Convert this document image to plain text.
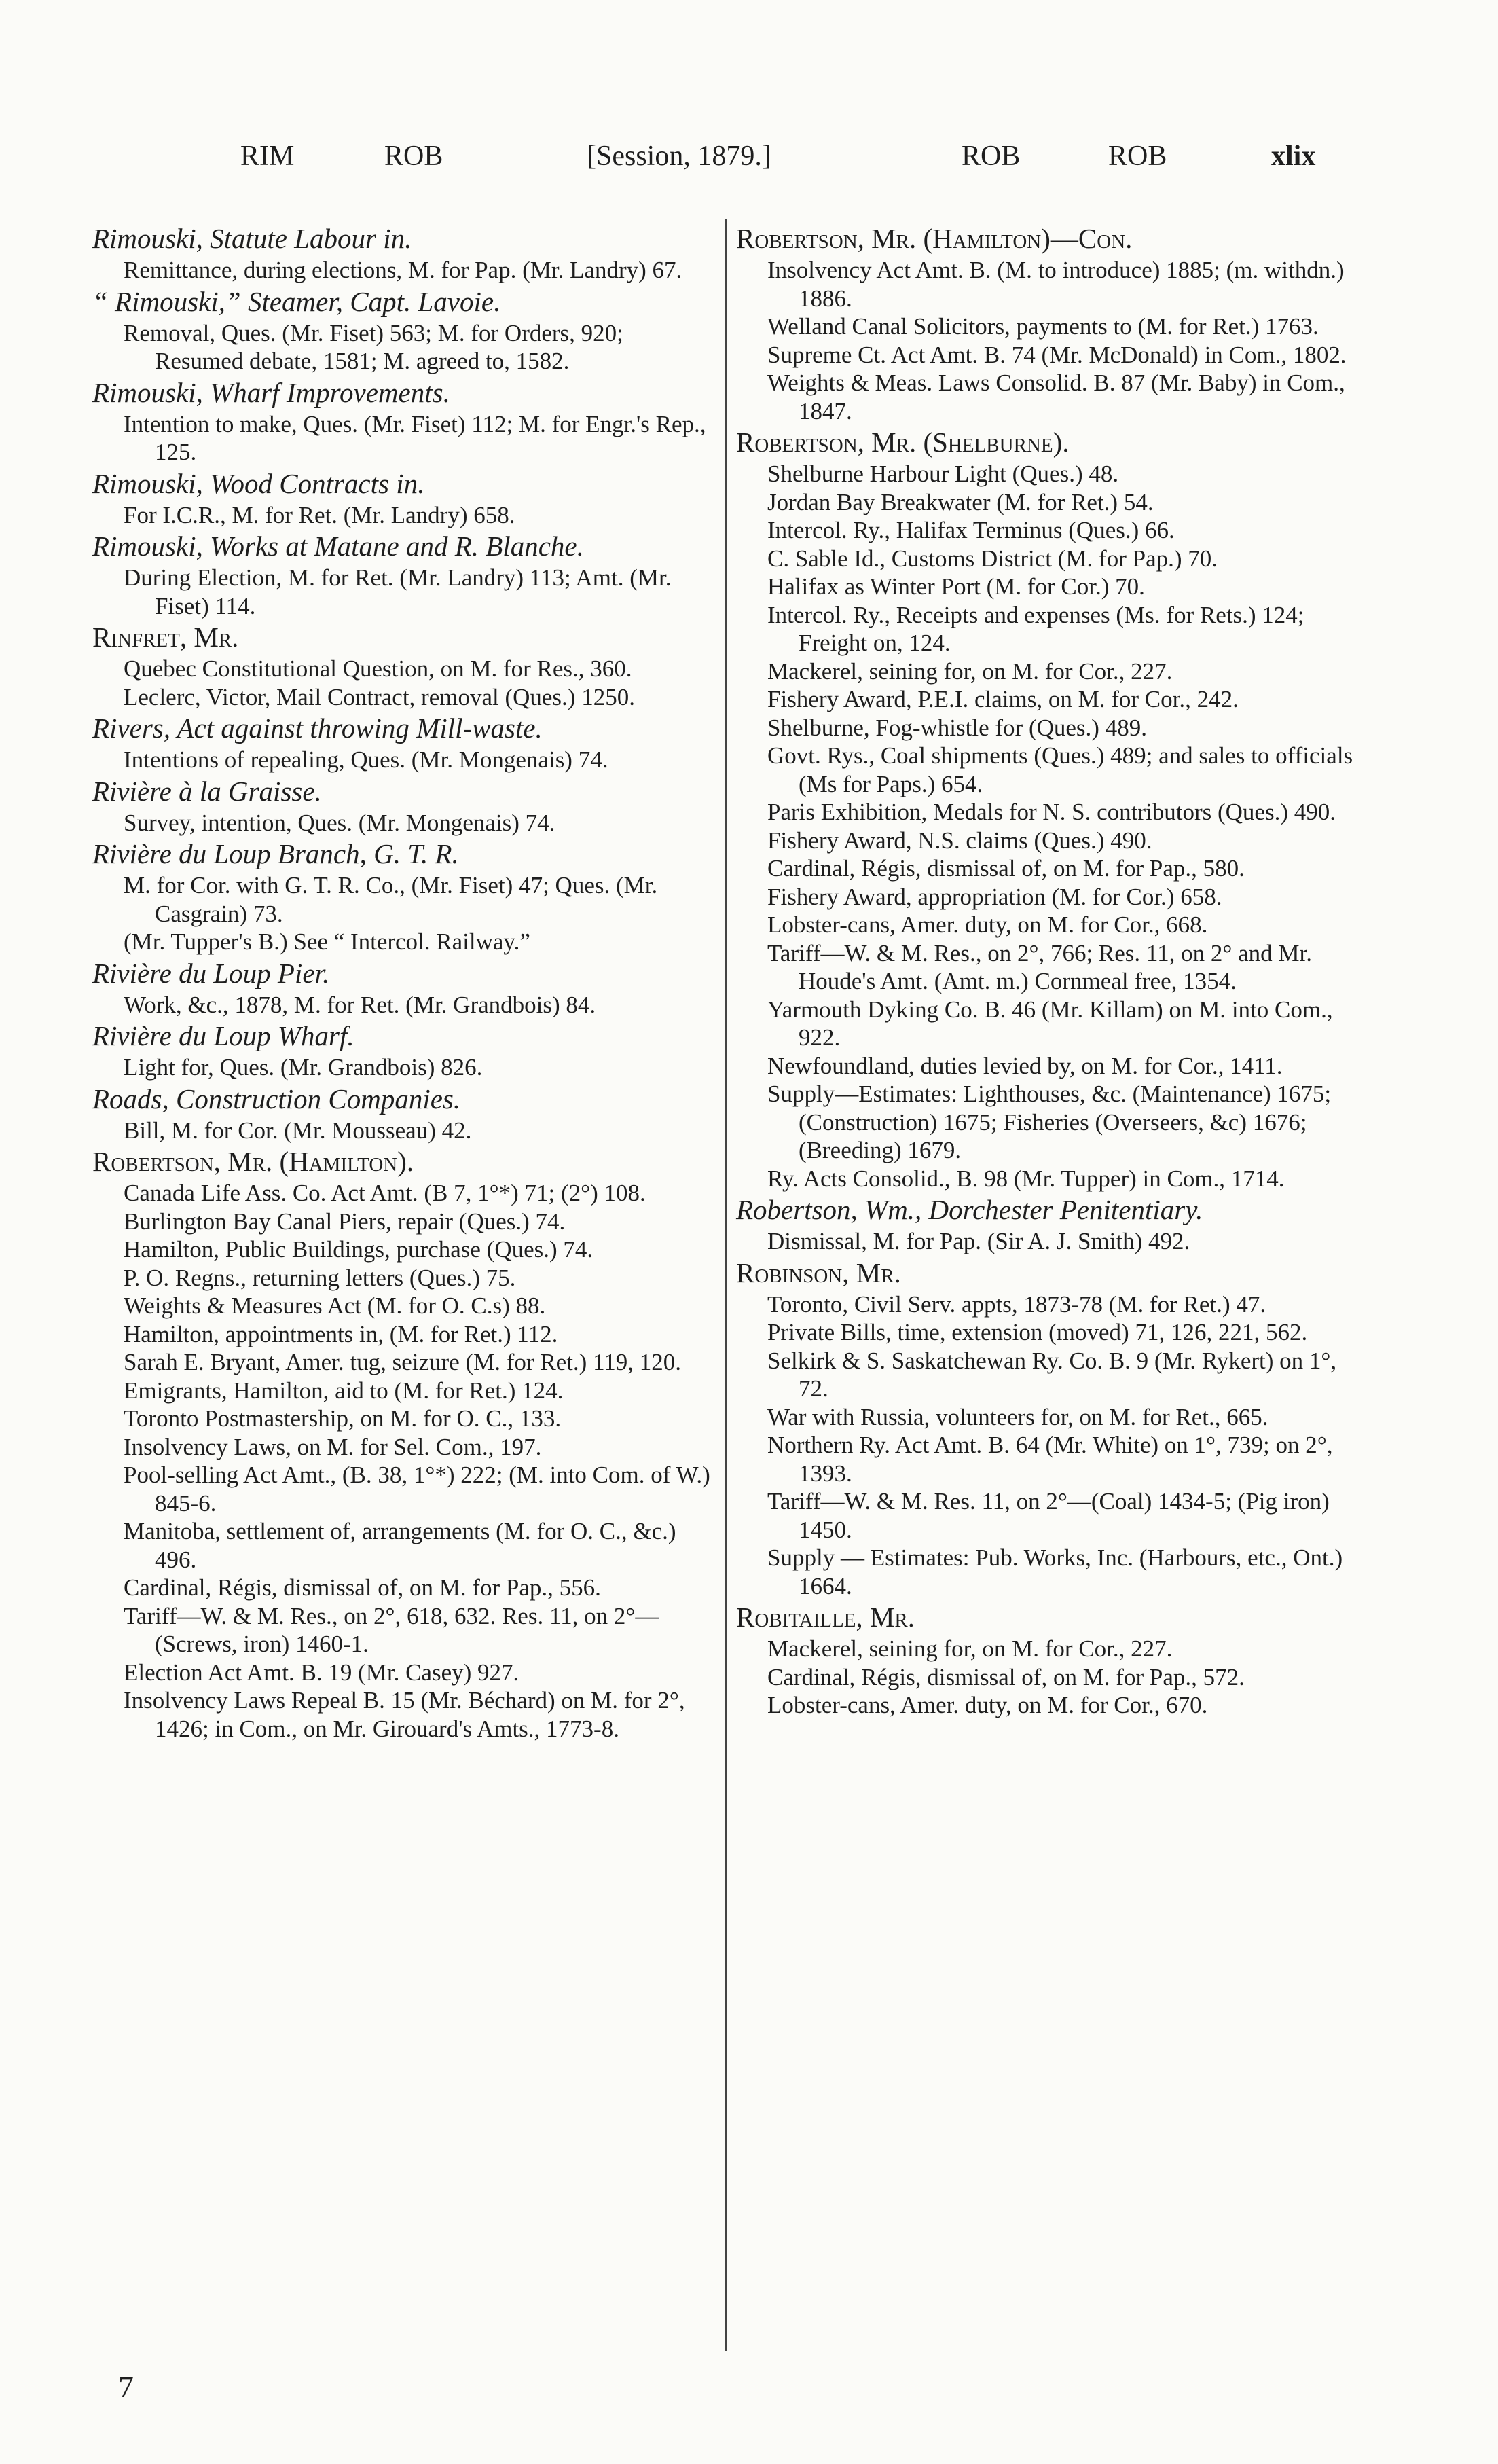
RIM	ROB	[Session, 1879.]	ROB	ROB	xlix

Rimouski, Statute Labour in.

Remittance, during elections, M. for Pap. (Mr. Landry) 67.

“ Rimouski,” Steamer, Capt. Lavoie.

Removal, Ques. (Mr. Fiset) 563; M. for Orders, 920; Resumed debate, 1581; M. agreed to, 1582.

Rimouski, Wharf Improvements.

Intention to make, Ques. (Mr. Fiset) 112; M. for Engr.'s Rep., 125.

Rimouski, Wood Contracts in.

For I.C.R., M. for Ret. (Mr. Landry) 658.

Rimouski, Works at Matane and R. Blanche.

During Election, M. for Ret. (Mr. Landry) 113; Amt. (Mr. Fiset) 114.

Rinfret, Mr.

Quebec Constitutional Question, on M. for Res., 360.

Leclerc, Victor, Mail Contract, removal (Ques.) 1250.

Rivers, Act against throwing Mill-waste.

Intentions of repealing, Ques. (Mr. Mongenais) 74.

Rivière à la Graisse.

Survey, intention, Ques. (Mr. Mongenais) 74.

Rivière du Loup Branch, G. T. R.

M. for Cor. with G. T. R. Co., (Mr. Fiset) 47; Ques. (Mr. Casgrain) 73.

(Mr. Tupper's B.) See “ Intercol. Railway.”

Rivière du Loup Pier.

Work, &c., 1878, M. for Ret. (Mr. Grandbois) 84.

Rivière du Loup Wharf.

Light for, Ques. (Mr. Grandbois) 826.

Roads, Construction Companies.

Bill, M. for Cor. (Mr. Mousseau) 42.

Robertson, Mr. (Hamilton).

Canada Life Ass. Co. Act Amt. (B 7, 1°*) 71; (2°) 108.

Burlington Bay Canal Piers, repair (Ques.) 74.

Hamilton, Public Buildings, purchase (Ques.) 74.

P. O. Regns., returning letters (Ques.) 75.

Weights & Measures Act (M. for O. C.s) 88.

Hamilton, appointments in, (M. for Ret.) 112.

Sarah E. Bryant, Amer. tug, seizure (M. for Ret.) 119, 120.

Emigrants, Hamilton, aid to (M. for Ret.) 124.

Toronto Postmastership, on M. for O. C., 133.

Insolvency Laws, on M. for Sel. Com., 197.

Pool-selling Act Amt., (B. 38, 1°*) 222; (M. into Com. of W.) 845-6.

Manitoba, settlement of, arrangements (M. for O. C., &c.) 496.

Cardinal, Régis, dismissal of, on M. for Pap., 556.

Tariff—W. & M. Res., on 2°, 618, 632. Res. 11, on 2°—(Screws, iron) 1460-1.

Election Act Amt. B. 19 (Mr. Casey) 927.

Insolvency Laws Repeal B. 15 (Mr. Béchard) on M. for 2°, 1426; in Com., on Mr. Girouard's Amts., 1773-8.

Robertson, Mr. (Hamilton)—Con.

Insolvency Act Amt. B. (M. to introduce) 1885; (m. withdn.) 1886.

Welland Canal Solicitors, payments to (M. for Ret.) 1763.

Supreme Ct. Act Amt. B. 74 (Mr. McDonald) in Com., 1802.

Weights & Meas. Laws Consolid. B. 87 (Mr. Baby) in Com., 1847.

Robertson, Mr. (Shelburne).

Shelburne Harbour Light (Ques.) 48.

Jordan Bay Breakwater (M. for Ret.) 54.

Intercol. Ry., Halifax Terminus (Ques.) 66.

C. Sable Id., Customs District (M. for Pap.) 70.

Halifax as Winter Port (M. for Cor.) 70.

Intercol. Ry., Receipts and expenses (Ms. for Rets.) 124; Freight on, 124.

Mackerel, seining for, on M. for Cor., 227.

Fishery Award, P.E.I. claims, on M. for Cor., 242.

Shelburne, Fog-whistle for (Ques.) 489.

Govt. Rys., Coal shipments (Ques.) 489; and sales to officials (Ms for Paps.) 654.

Paris Exhibition, Medals for N. S. contributors (Ques.) 490.

Fishery Award, N.S. claims (Ques.) 490.

Cardinal, Régis, dismissal of, on M. for Pap., 580.

Fishery Award, appropriation (M. for Cor.) 658.

Lobster-cans, Amer. duty, on M. for Cor., 668.

Tariff—W. & M. Res., on 2°, 766; Res. 11, on 2° and Mr. Houde's Amt. (Amt. m.) Cornmeal free, 1354.

Yarmouth Dyking Co. B. 46 (Mr. Killam) on M. into Com., 922.

Newfoundland, duties levied by, on M. for Cor., 1411.

Supply—Estimates: Lighthouses, &c. (Maintenance) 1675; (Construction) 1675; Fisheries (Overseers, &c) 1676; (Breeding) 1679.

Ry. Acts Consolid., B. 98 (Mr. Tupper) in Com., 1714.

Robertson, Wm., Dorchester Penitentiary.

Dismissal, M. for Pap. (Sir A. J. Smith) 492.

Robinson, Mr.

Toronto, Civil Serv. appts, 1873-78 (M. for Ret.) 47.

Private Bills, time, extension (moved) 71, 126, 221, 562.

Selkirk & S. Saskatchewan Ry. Co. B. 9 (Mr. Rykert) on 1°, 72.

War with Russia, volunteers for, on M. for Ret., 665.

Northern Ry. Act Amt. B. 64 (Mr. White) on 1°, 739; on 2°, 1393.

Tariff—W. & M. Res. 11, on 2°—(Coal) 1434-5; (Pig iron) 1450.

Supply — Estimates: Pub. Works, Inc. (Harbours, etc., Ont.) 1664.

Robitaille, Mr.

Mackerel, seining for, on M. for Cor., 227.

Cardinal, Régis, dismissal of, on M. for Pap., 572.

Lobster-cans, Amer. duty, on M. for Cor., 670.

7
